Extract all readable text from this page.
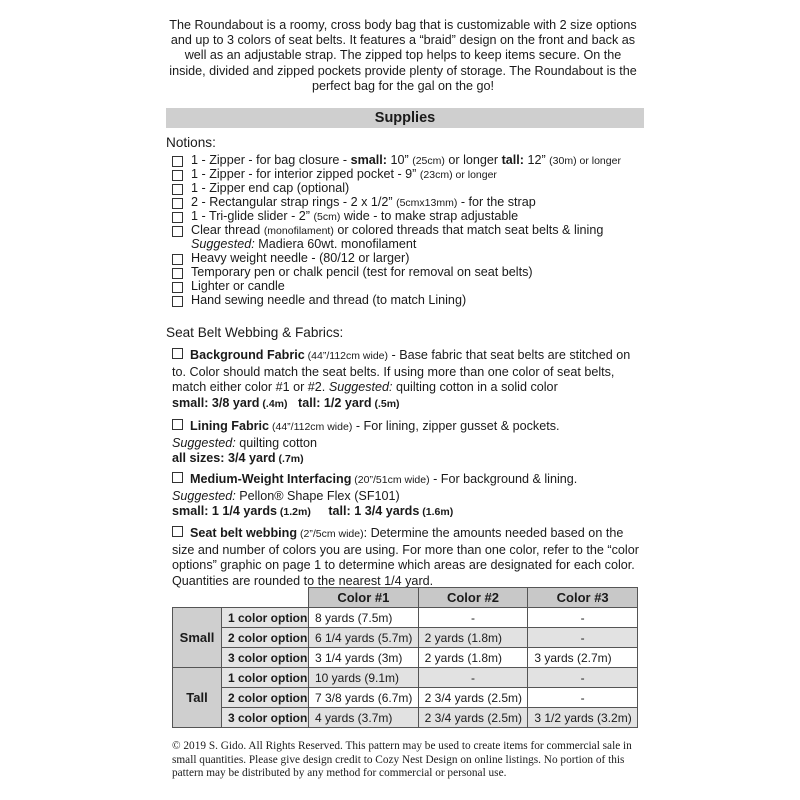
The Roundabout is a roomy, cross body bag that is customizable with 2 size options and up to 3 colors of seat belts. It features a “braid” design on the front and back as well as an adjustable strap. The zipped top helps to keep items secure. On the inside, divided and zipped pockets provide plenty of storage. The Roundabout is the perfect bag for the gal on the go!
Supplies
Notions:
1 - Zipper - for bag closure - small: 10” (25cm) or longer tall: 12” (30m) or longer
1 - Zipper - for interior zipped pocket - 9” (23cm) or longer
1 - Zipper end cap (optional)
2 - Rectangular strap rings - 2 x 1/2” (5cmx13mm) - for the strap
1 - Tri-glide slider - 2” (5cm) wide - to make strap adjustable
Clear thread (monofilament) or colored threads that match seat belts & lining
Suggested: Madiera 60wt. monofilament
Heavy weight needle - (80/12 or larger)
Temporary pen or chalk pencil (test for removal on seat belts)
Lighter or candle
Hand sewing needle and thread (to match Lining)
Seat Belt Webbing & Fabrics:
Background Fabric (44”/112cm wide) - Base fabric that seat belts are stitched on to. Color should match the seat belts. If using more than one color of seat belts, match either color #1 or #2. Suggested: quilting cotton in a solid color
small: 3/8 yard (.4m) tall: 1/2 yard (.5m)
Lining Fabric (44”/112cm wide) - For lining, zipper gusset & pockets.
Suggested: quilting cotton
all sizes: 3/4 yard (.7m)
Medium-Weight Interfacing (20”/51cm wide) - For background & lining.
Suggested: Pellon® Shape Flex (SF101)
small: 1 1/4 yards (1.2m) tall: 1 3/4 yards (1.6m)
Seat belt webbing (2”/5cm wide): Determine the amounts needed based on the size and number of colors you are using. For more than one color, refer to the “color options” graphic on page 1 to determine which areas are designated for each color. Quantities are rounded to the nearest 1/4 yard.
		Color #1	Color #2	Color #3
Small	1 color option	8 yards (7.5m)	-	-
	2 color option	6 1/4 yards (5.7m)	2 yards (1.8m)	-
	3 color option	3 1/4 yards (3m)	2 yards (1.8m)	3 yards (2.7m)
Tall	1 color option	10 yards (9.1m)	-	-
	2 color option	7 3/8 yards (6.7m)	2 3/4 yards (2.5m)	-
	3 color option	4 yards (3.7m)	2 3/4 yards (2.5m)	3 1/2 yards (3.2m)
© 2019 S. Gido. All Rights Reserved. This pattern may be used to create items for commercial sale in small quantities. Please give design credit to Cozy Nest Design on online listings. No portion of this pattern may be distributed by any method for commercial or personal use.
